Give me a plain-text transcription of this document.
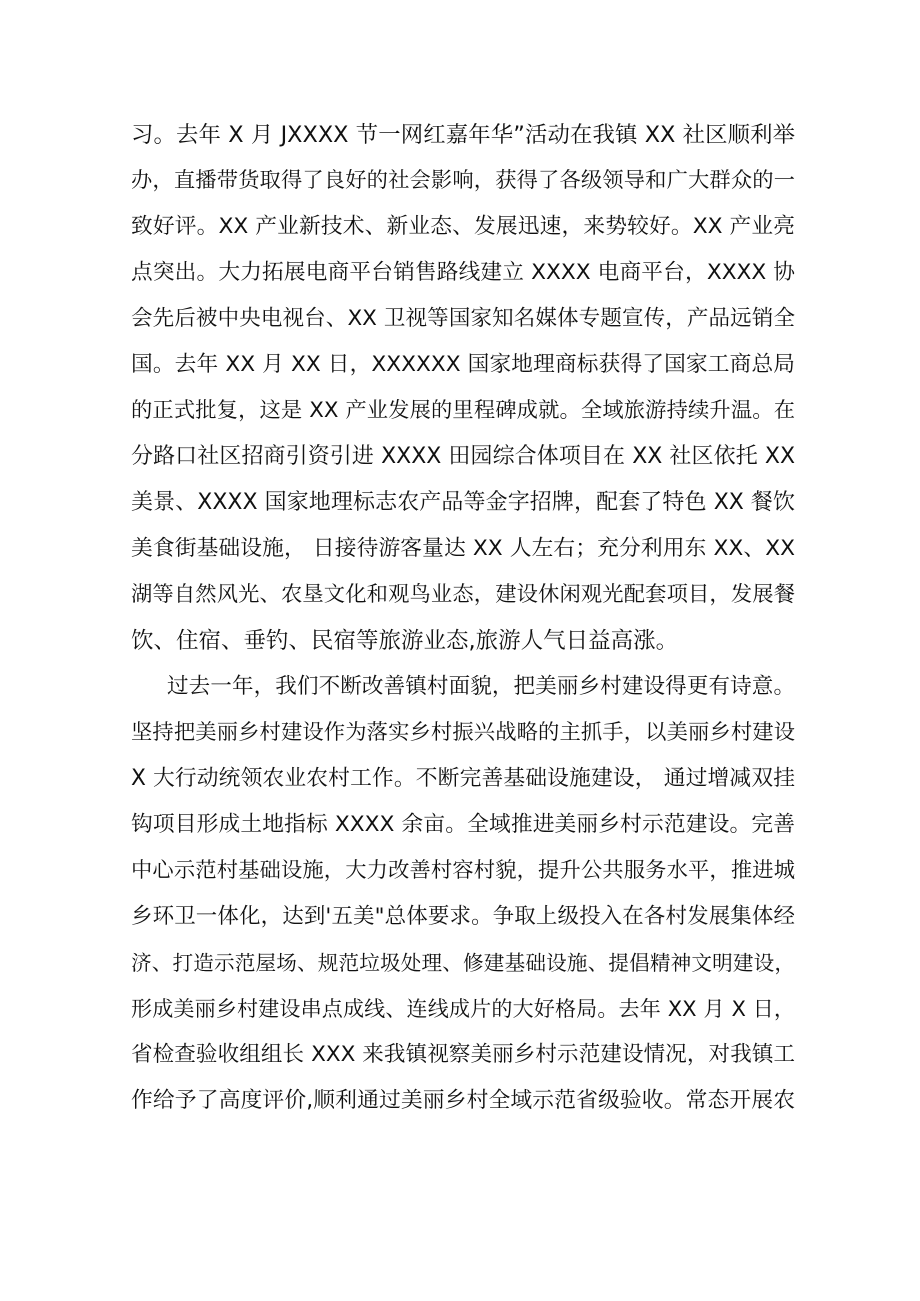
习。去年 X 月 JXXXX 节一网红嘉年华”活动在我镇 XX 社区顺利举
办，直播带货取得了良好的社会影响，获得了各级领导和广大群众的一
致好评。XX 产业新技术、新业态、发展迅速，来势较好。XX 产业亮
点突出。大力拓展电商平台销售路线建立 XXXX 电商平台，XXXX 协
会先后被中央电视台、XX 卫视等国家知名媒体专题宣传，产品远销全
国。去年 XX 月 XX 日，XXXXXX 国家地理商标获得了国家工商总局
的正式批复，这是 XX 产业发展的里程碑成就。全域旅游持续升温。在
分路口社区招商引资引进 XXXX 田园综合体项目在 XX 社区依托 XX
美景、XXXX 国家地理标志农产品等金字招牌，配套了特色 XX 餐饮
美食街基础设施， 日接待游客量达 XX 人左右；充分利用东 XX、XX
湖等自然风光、农垦文化和观鸟业态，建设休闲观光配套项目，发展餐
饮、住宿、垂钓、民宿等旅游业态,旅游人气日益高涨。
过去一年，我们不断改善镇村面貌，把美丽乡村建设得更有诗意。
坚持把美丽乡村建设作为落实乡村振兴战略的主抓手，以美丽乡村建设
X 大行动统领农业农村工作。不断完善基础设施建设， 通过增减双挂
钩项目形成土地指标 XXXX 余亩。全域推进美丽乡村示范建设。完善
中心示范村基础设施，大力改善村容村貌，提升公共服务水平，推进城
乡环卫一体化，达到'五美"总体要求。争取上级投入在各村发展集体经
济、打造示范屋场、规范垃圾处理、修建基础设施、提倡精神文明建设，
形成美丽乡村建设串点成线、连线成片的大好格局。去年 XX 月 X 日，
省检查验收组组长 XXX 来我镇视察美丽乡村示范建设情况，对我镇工
作给予了高度评价,顺利通过美丽乡村全域示范省级验收。常态开展农
